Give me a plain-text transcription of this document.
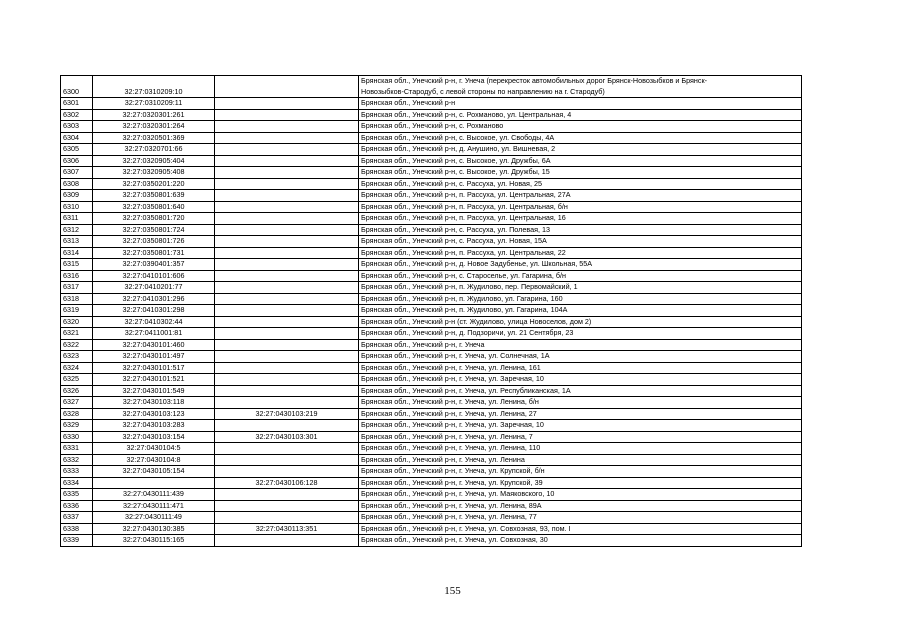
6300	32:27:0310209:10		Брянская обл., Унечский р-н, г. Унеча (перекресток автомобильных дорог Брянск-Новозыбков и Брянск-
Новозыбков-Стародуб, с левой стороны по направлению на г. Стародуб)

6301	32:27:0310209:11		Брянская обл., Унечский р-н
6302	32:27:0320301:261		Брянская обл., Унечский р-н, с. Рохманово, ул. Центральная, 4
6303	32:27:0320301:264		Брянская обл., Унечский р-н, с. Рохманово
6304	32:27:0320501:369		Брянская обл., Унечский р-н, с. Высокое, ул. Свободы, 4А
6305	32:27:0320701:66		Брянская обл., Унечский р-н, д. Анушино, ул. Вишневая, 2
6306	32:27:0320905:404		Брянская обл., Унечский р-н, с. Высокое, ул. Дружбы, 6А
6307	32:27:0320905:408		Брянская обл., Унечский р-н, с. Высокое, ул. Дружбы, 15
6308	32:27:0350201:220		Брянская обл., Унечский р-н, с. Рассуха, ул. Новая, 25
6309	32:27:0350801:639		Брянская обл., Унечский р-н, п. Рассуха, ул. Центральная, 27А
6310	32:27:0350801:640		Брянская обл., Унечский р-н, п. Рассуха, ул. Центральная, б/н
6311	32:27:0350801:720		Брянская обл., Унечский р-н, п. Рассуха, ул. Центральная, 16
6312	32:27:0350801:724		Брянская обл., Унечский р-н, с. Рассуха, ул. Полевая, 13
6313	32:27:0350801:726		Брянская обл., Унечский р-н, с. Рассуха, ул. Новая, 15А
6314	32:27:0350801:731		Брянская обл., Унечский р-н, п. Рассуха, ул. Центральная, 22
6315	32:27:0390401:357		Брянская обл., Унечский р-н, д. Новое Задубенье, ул. Школьная, 55А
6316	32:27:0410101:606		Брянская обл., Унечский р-н, с. Староселье, ул. Гагарина, б/н
6317	32:27:0410201:77		Брянская обл., Унечский р-н, п. Жудилово, пер. Первомайский, 1
6318	32:27:0410301:296		Брянская обл., Унечский р-н, п. Жудилово, ул. Гагарина, 160
6319	32:27:0410301:298		Брянская обл., Унечский р-н, п. Жудилово, ул. Гагарина, 104А
6320	32:27:0410302:44		Брянская обл., Унечский р-н (ст. Жудилово, улица Новоселов, дом 2)
6321	32:27:0411001:81		Брянская обл., Унечский р-н, д. Подзоричи, ул. 21 Сентября, 23
6322	32:27:0430101:460		Брянская обл., Унечский р-н, г. Унеча
6323	32:27:0430101:497		Брянская обл., Унечский р-н, г. Унеча, ул. Солнечная, 1А
6324	32:27:0430101:517		Брянская обл., Унечский р-н, г. Унеча, ул. Ленина, 161
6325	32:27:0430101:521		Брянская обл., Унечский р-н, г. Унеча, ул. Заречная, 10
6326	32:27:0430101:549		Брянская обл., Унечский р-н, г. Унеча, ул. Республиканская, 1А
6327	32:27:0430103:118		Брянская обл., Унечский р-н, г. Унеча, ул. Ленина, б/н
6328	32:27:0430103:123	32:27:0430103:219	Брянская обл., Унечский р-н, г. Унеча, ул. Ленина, 27
6329	32:27:0430103:283		Брянская обл., Унечский р-н, г. Унеча, ул. Заречная, 10
6330	32:27:0430103:154	32:27:0430103:301	Брянская обл., Унечский р-н, г. Унеча, ул. Ленина, 7
6331	32:27:0430104:5		Брянская обл., Унечский р-н, г. Унеча, ул. Ленина, 110
6332	32:27:0430104:8		Брянская обл., Унечский р-н, г. Унеча, ул. Ленина
6333	32:27:0430105:154		Брянская обл., Унечский р-н, г. Унеча, ул. Крупской, б/н
6334		32:27:0430106:128	Брянская обл., Унечский р-н, г. Унеча, ул. Крупской, 39
6335	32:27:0430111:439		Брянская обл., Унечский р-н, г. Унеча, ул. Маяковского, 10
6336	32:27:0430111:471		Брянская обл., Унечский р-н, г. Унеча, ул. Ленина, 89А
6337	32:27:0430111:49		Брянская обл., Унечский р-н, г. Унеча, ул. Ленина, 77
6338	32:27:0430130:385	32:27:0430113:351	Брянская обл., Унечский р-н, г. Унеча, ул. Совхозная, 93, пом. I
6339	32:27:0430115:165		Брянская обл., Унечский р-н, г. Унеча, ул. Совхозная, 30
155
